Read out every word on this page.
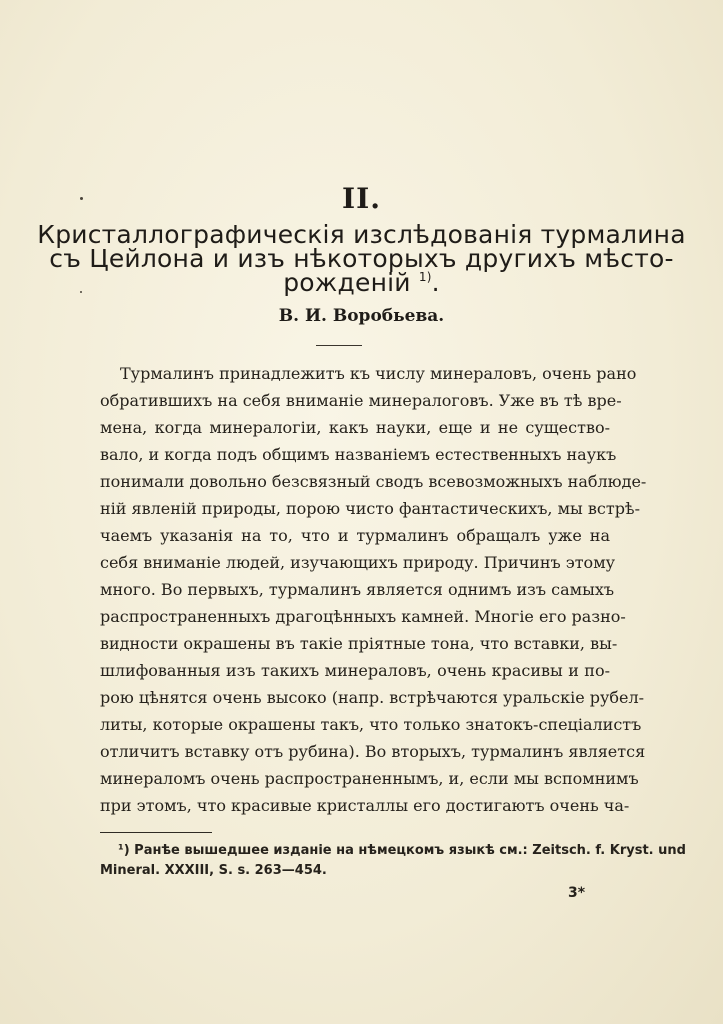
II.
Кристаллографическія изслѣдованія турмалина
съ Цейлона и изъ нѣкоторыхъ другихъ мѣсто-
рожденій $^{1)}$.
В. И. Воробьева.
Турмалинъ принадлежитъ къ числу минераловъ, очень рано
обратившихъ на себя вниманіе минералоговъ. Уже въ тѣ вре-
мена, когда минералогіи, какъ науки, еще и не существо-
вало, и когда подъ общимъ названіемъ естественныхъ наукъ
понимали довольно безсвязный сводъ всевозможныхъ наблюде-
ній явленій природы, порою чисто фантастическихъ, мы встрѣ-
чаемъ указанія на то, что и турмалинъ обращалъ уже на
себя вниманіе людей, изучающихъ природу. Причинъ этому
много. Во первыхъ, турмалинъ является однимъ изъ самыхъ
распространенныхъ драгоцѣнныхъ камней. Многіе его разно-
видности окрашены въ такіе пріятные тона, что вставки, вы-
шлифованныя изъ такихъ минераловъ, очень красивы и по-
рою цѣнятся очень высоко (напр. встрѣчаются уральскіе рубел-
литы, которые окрашены такъ, что только знатокъ-спеціалистъ
отличитъ вставку отъ рубина). Во вторыхъ, турмалинъ является
минераломъ очень распространеннымъ, и, если мы вспомнимъ
при этомъ, что красивые кристаллы его достигаютъ очень ча-
¹) Ранѣе вышедшее изданіе на нѣмецкомъ языкѣ см.: Zeitsch. f. Kryst. und
Mineral. XXXIII, S. s. 263—454.
3*
